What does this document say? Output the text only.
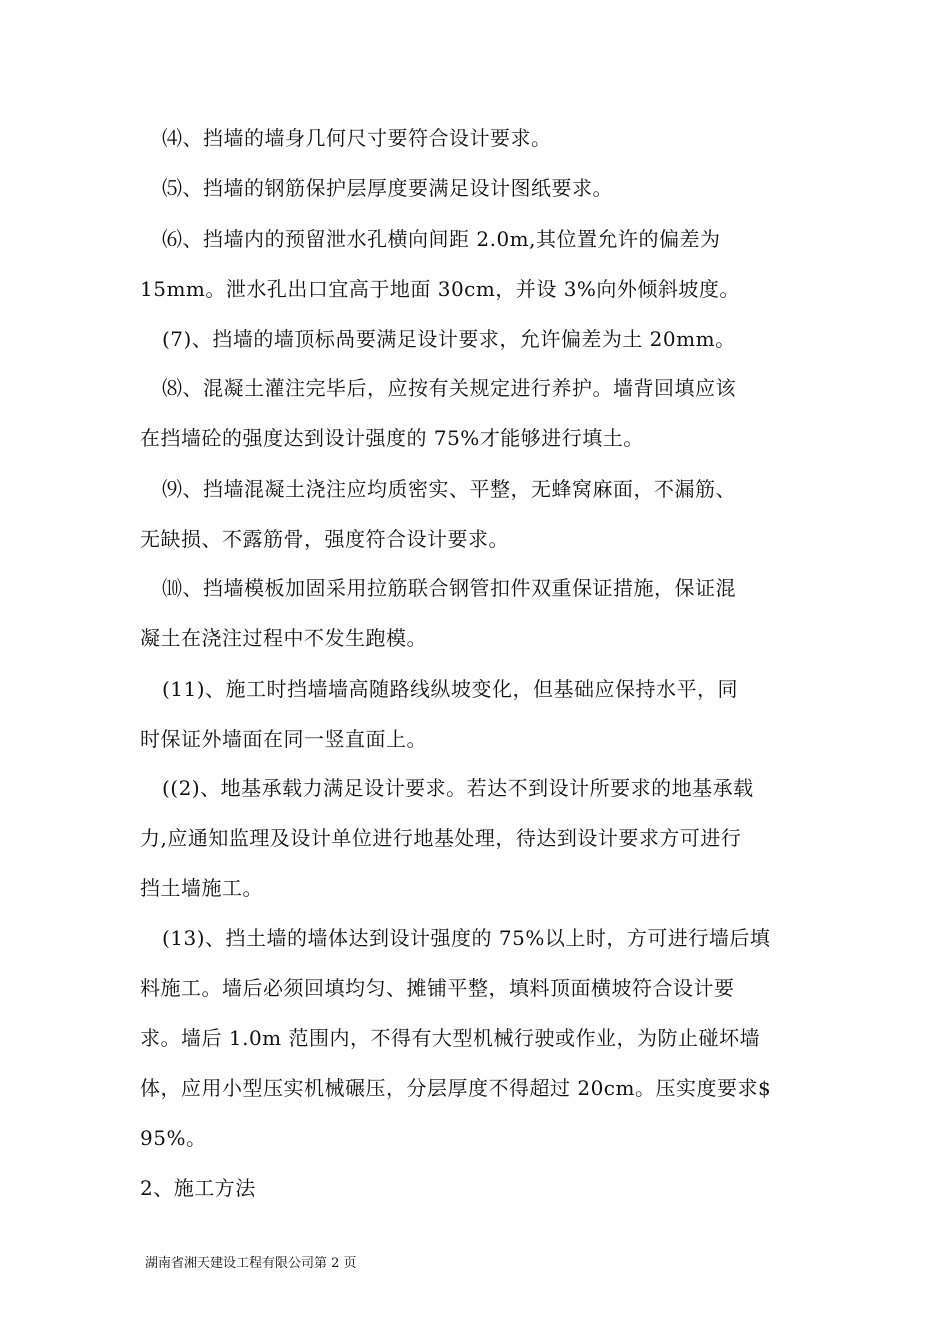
⑷、挡墙的墙身几何尺寸要符合设计要求。
⑸、挡墙的钢筋保护层厚度要满足设计图纸要求。
⑹、挡墙内的预留泄水孔横向间距 2.0m,其位置允许的偏差为
15mm。泄水孔出口宜高于地面 30cm，并设 3%向外倾斜坡度。
(7)、挡墙的墙顶标咼要满足设计要求，允许偏差为土 20mm。
⑻、混凝土灌注完毕后，应按有关规定进行养护。墙背回填应该
在挡墙砼的强度达到设计强度的 75%才能够进行填土。
⑼、挡墙混凝土浇注应均质密实、平整，无蜂窝麻面，不漏筋、
无缺损、不露筋骨，强度符合设计要求。
⑽、挡墙模板加固采用拉筋联合钢管扣件双重保证措施，保证混
凝土在浇注过程中不发生跑模。
(11)、施工时挡墙墙高随路线纵坡变化，但基础应保持水平，同
时保证外墙面在同一竖直面上。
((2)、地基承载力满足设计要求。若达不到设计所要求的地基承载
力,应通知监理及设计单位进行地基处理，待达到设计要求方可进行
挡土墙施工。
(13)、挡土墙的墙体达到设计强度的 75%以上时，方可进行墙后填
料施工。墙后必须回填均匀、摊铺平整，填料顶面横坡符合设计要
求。墙后 1.0m 范围内，不得有大型机械行驶或作业，为防止碰坏墙
体，应用小型压实机械碾压，分层厚度不得超过 20cm。压实度要求$
95%。
2、施工方法
湖南省湘天建设工程有限公司第 2 页
